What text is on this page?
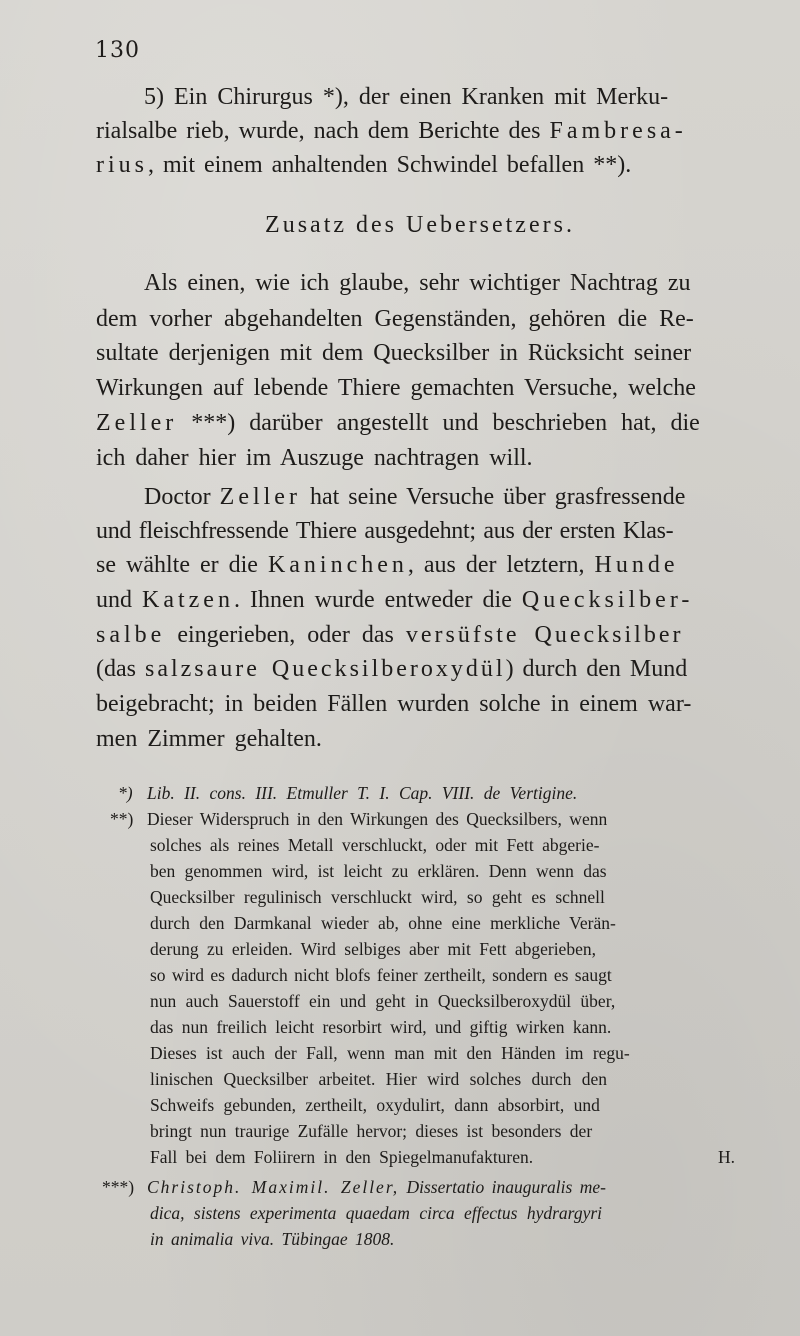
130
5) Ein Chirurgus *), der einen Kranken mit Merku-
rialsalbe rieb, wurde, nach dem Berichte des Fambresa-
rius, mit einem anhaltenden Schwindel befallen **).
Zusatz des Uebersetzers.
Als einen, wie ich glaube, sehr wichtiger Nachtrag zu
dem vorher abgehandelten Gegenständen, gehören die Re-
sultate derjenigen mit dem Quecksilber in Rücksicht seiner
Wirkungen auf lebende Thiere gemachten Versuche, welche
Zeller ***) darüber angestellt und beschrieben hat, die
ich daher hier im Auszuge nachtragen will.
Doctor Zeller hat seine Versuche über grasfressende
und fleischfressende Thiere ausgedehnt; aus der ersten Klas-
se wählte er die Kaninchen, aus der letztern, Hunde
und Katzen. Ihnen wurde entweder die Quecksilber-
salbe eingerieben, oder das versüfste Quecksilber
(das salzsaure Quecksilberoxydül) durch den Mund
beigebracht; in beiden Fällen wurden solche in einem war-
men Zimmer gehalten.
*) Lib. II. cons. III. Etmuller T. I. Cap. VIII. de Vertigine.
**) Dieser Widerspruch in den Wirkungen des Quecksilbers, wenn
solches als reines Metall verschluckt, oder mit Fett abgerie-
ben genommen wird, ist leicht zu erklären. Denn wenn das
Quecksilber regulinisch verschluckt wird, so geht es schnell
durch den Darmkanal wieder ab, ohne eine merkliche Verän-
derung zu erleiden. Wird selbiges aber mit Fett abgerieben,
so wird es dadurch nicht blofs feiner zertheilt, sondern es saugt
nun auch Sauerstoff ein und geht in Quecksilberoxydül über,
das nun freilich leicht resorbirt wird, und giftig wirken kann.
Dieses ist auch der Fall, wenn man mit den Händen im regu-
linischen Quecksilber arbeitet. Hier wird solches durch den
Schweifs gebunden, zertheilt, oxydulirt, dann absorbirt, und
bringt nun traurige Zufälle hervor; dieses ist besonders der
Fall bei dem Foliirern in den Spiegelmanufakturen.	H.
***) Christoph. Maximil. Zeller, Dissertatio inauguralis me-
dica, sistens experimenta quaedam circa effectus hydrargyri
in animalia viva. Tübingae 1808.
